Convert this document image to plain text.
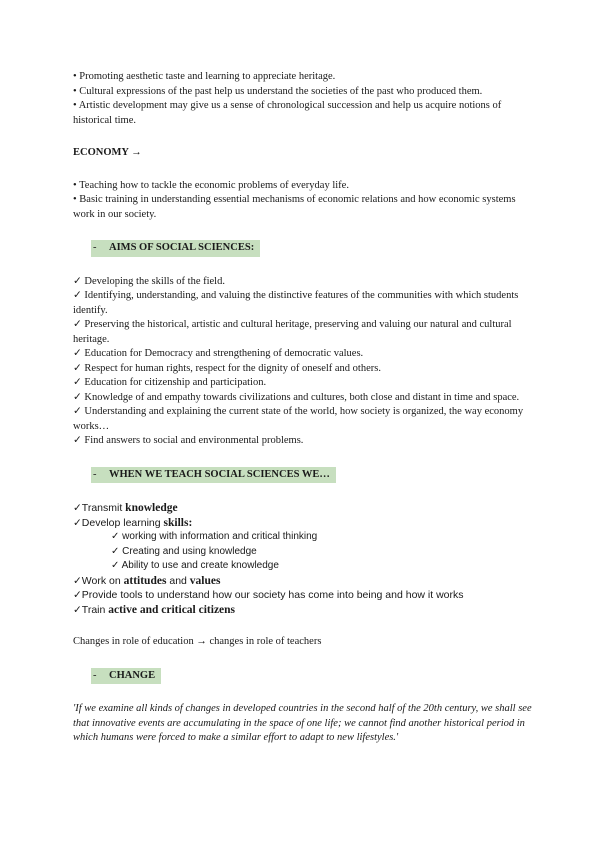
• Promoting aesthetic taste and learning to appreciate heritage.

• Cultural expressions of the past help us understand the societies of the past who produced them.

• Artistic development may give us a sense of chronological succession and help us acquire notions of historical time.

ECONOMY →

• Teaching how to tackle the economic problems of everyday life.

• Basic training in understanding essential mechanisms of economic relations and how economic systems work in our society.

- AIMS OF SOCIAL SCIENCES:

✓ Developing the skills of the field.

✓ Identifying, understanding, and valuing the distinctive features of the communities with which students identify.

✓ Preserving the historical, artistic and cultural heritage, preserving and valuing our natural and cultural heritage.

✓ Education for Democracy and strengthening of democratic values.

✓ Respect for human rights, respect for the dignity of oneself and others.

✓ Education for citizenship and participation.

✓ Knowledge of and empathy towards civilizations and cultures, both close and distant in time and space.

✓ Understanding and explaining the current state of the world, how society is organized, the way economy works…

✓ Find answers to social and environmental problems.

- WHEN WE TEACH SOCIAL SCIENCES WE…

✓Transmit knowledge

✓Develop learning skills:

✓ working with information and critical thinking

✓ Creating and using knowledge

✓ Ability to use and create knowledge

✓Work on attitudes and values

✓Provide tools to understand how our society has come into being and how it works

✓Train active and critical citizens

Changes in role of education → changes in role of teachers

- CHANGE

'If we examine all kinds of changes in developed countries in the second half of the 20th century, we shall see that innovative events are accumulating in the space of one life; we cannot find another historical period in which humans were forced to make a similar effort to adapt to new lifestyles.'
